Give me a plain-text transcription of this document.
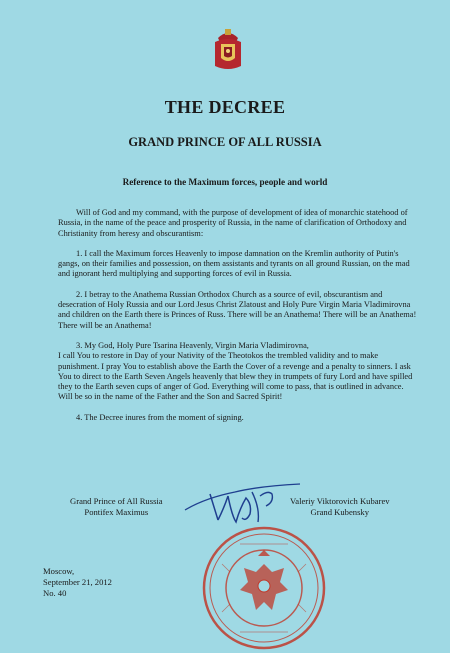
THE DECREE
GRAND PRINCE OF ALL RUSSIA
Reference to the Maximum forces, people and world

Will of God and my command, with the purpose of development of idea of monarchic statehood of Russia, in the name of the peace and prosperity of Russia, in the name of clarification of Orthodoxy and Christianity from heresy and obscurantism:

1. I call the Maximum forces Heavenly to impose damnation on the Kremlin authority of Putin's gangs, on their families and possession, on them assistants and tyrants on all ground Russian, on the mad and ignorant herd multiplying and supporting forces of evil in Russia.

2. I betray to the Anathema Russian Orthodox Church as a source of evil, obscurantism and desecration of Holy Russia and our Lord Jesus Christ Zlatoust and Holy Pure Virgin Maria Vladimirovna and children on the Earth there is Princes of Russ. There will be an Anathema! There will be an Anathema! There will be an Anathema!

3. My God, Holy Pure Tsarina Heavenly, Virgin Maria Vladimirovna,
I call You to restore in Day of your Nativity of the Theotokos the trembled validity and to make punishment. I pray You to establish above the Earth the Cover of a revenge and a penalty to sinners. I ask You to direct to the Earth Seven Angels heavenly that blew they in trumpets of fury Lord and have spilled they to the Earth seven cups of anger of God. Everything will come to pass, that is outlined in advance. Will be so in the name of the Father and the Son and Sacred Spirit!

4. The Decree inures from the moment of signing.

Grand Prince of All Russia
Pontifex Maximus
Valeriy Viktorovich Kubarev
Grand Kubensky
Moscow,
September 21, 2012
No. 40
